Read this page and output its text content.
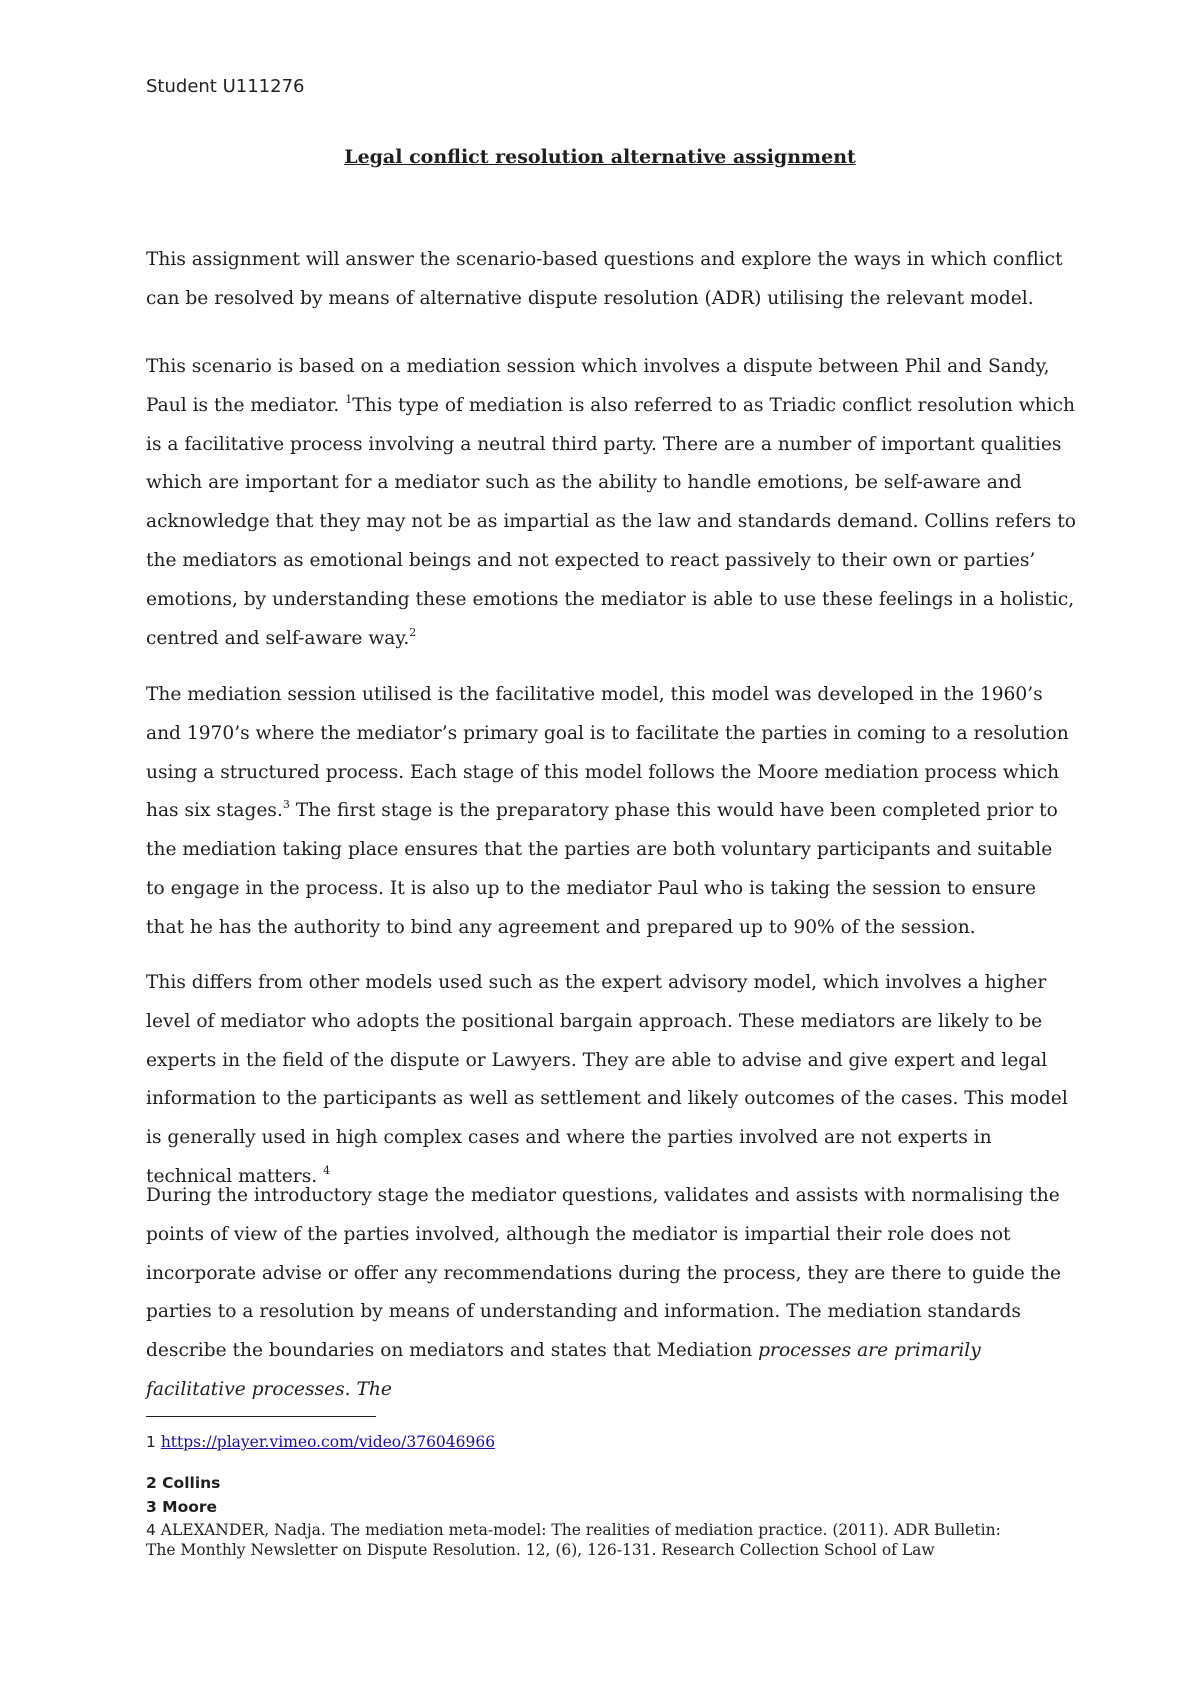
Student U111276
Legal conflict resolution alternative assignment

This assignment will answer the scenario-based questions and explore the ways in which conflict can be resolved by means of alternative dispute resolution (ADR) utilising the relevant model.

This scenario is based on a mediation session which involves a dispute between Phil and Sandy, Paul is the mediator. $^1$This type of mediation is also referred to as Triadic conflict resolution which is a facilitative process involving a neutral third party. There are a number of important qualities which are important for a mediator such as the ability to handle emotions, be self-aware and acknowledge that they may not be as impartial as the law and standards demand. Collins refers to the mediators as emotional beings and not expected to react passively to their own or parties’ emotions, by understanding these emotions the mediator is able to use these feelings in a holistic, centred and self-aware way.$^2$

The mediation session utilised is the facilitative model, this model was developed in the 1960’s and 1970’s where the mediator’s primary goal is to facilitate the parties in coming to a resolution using a structured process. Each stage of this model follows the Moore mediation process which has six stages.$^3$ The first stage is the preparatory phase this would have been completed prior to the mediation taking place ensures that the parties are both voluntary participants and suitable to engage in the process. It is also up to the mediator Paul who is taking the session to ensure that he has the authority to bind any agreement and prepared up to 90% of the session.

This differs from other models used such as the expert advisory model, which involves a higher level of mediator who adopts the positional bargain approach. These mediators are likely to be experts in the field of the dispute or Lawyers. They are able to advise and give expert and legal information to the participants as well as settlement and likely outcomes of the cases. This model is generally used in high complex cases and where the parties involved are not experts in technical matters. $^4$

During the introductory stage the mediator questions, validates and assists with normalising the points of view of the parties involved, although the mediator is impartial their role does not incorporate advise or offer any recommendations during the process, they are there to guide the parties to a resolution by means of understanding and information. The mediation standards describe the boundaries on mediators and states that Mediation processes are primarily facilitative processes. The

1 https://player.vimeo.com/video/376046966

2 Collins

3 Moore

4 ALEXANDER, Nadja. The mediation meta-model: The realities of mediation practice. (2011). ADR Bulletin: The Monthly Newsletter on Dispute Resolution. 12, (6), 126-131. Research Collection School of Law
